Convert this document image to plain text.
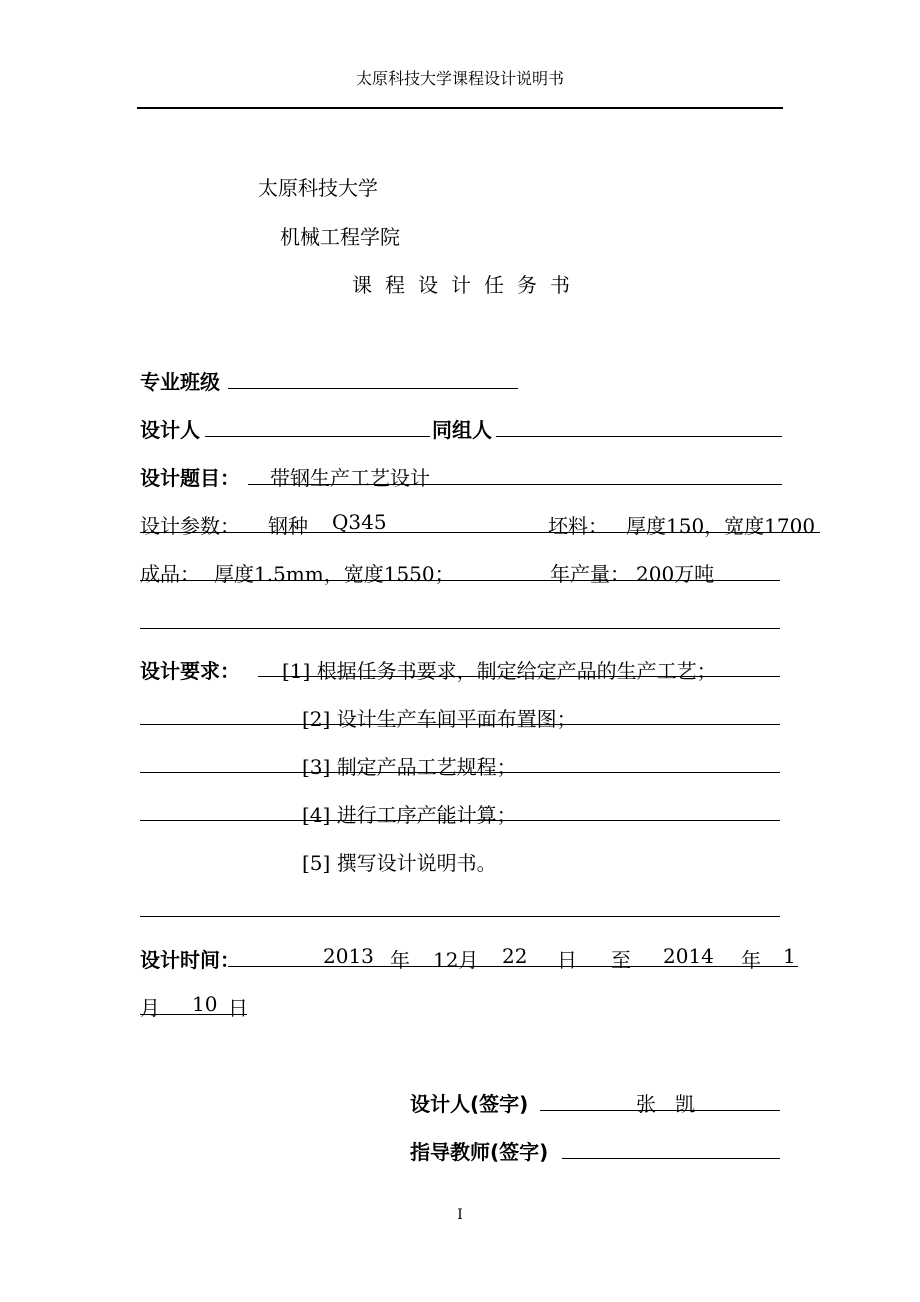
太原科技大学课程设计说明书
太原科技大学
机械工程学院
课程设计任务书
专业班级
设计人	同组人
设计题目： 带钢生产工艺设计
设计参数： 钢种 Q345	坯料： 厚度150，宽度1700
成品： 厚度1.5mm，宽度1550；	年产量： 200万吨
设计要求： [1] 根据任务书要求，制定给定产品的生产工艺；
[2] 设计生产车间平面布置图；
[3] 制定产品工艺规程；
[4] 进行工序产能计算；
[5] 撰写设计说明书。
设计时间：	2013 年 12月 22 日 至 2014 年 1
月 10 日
设计人(签字)	张   凯
指导教师(签字)
I
